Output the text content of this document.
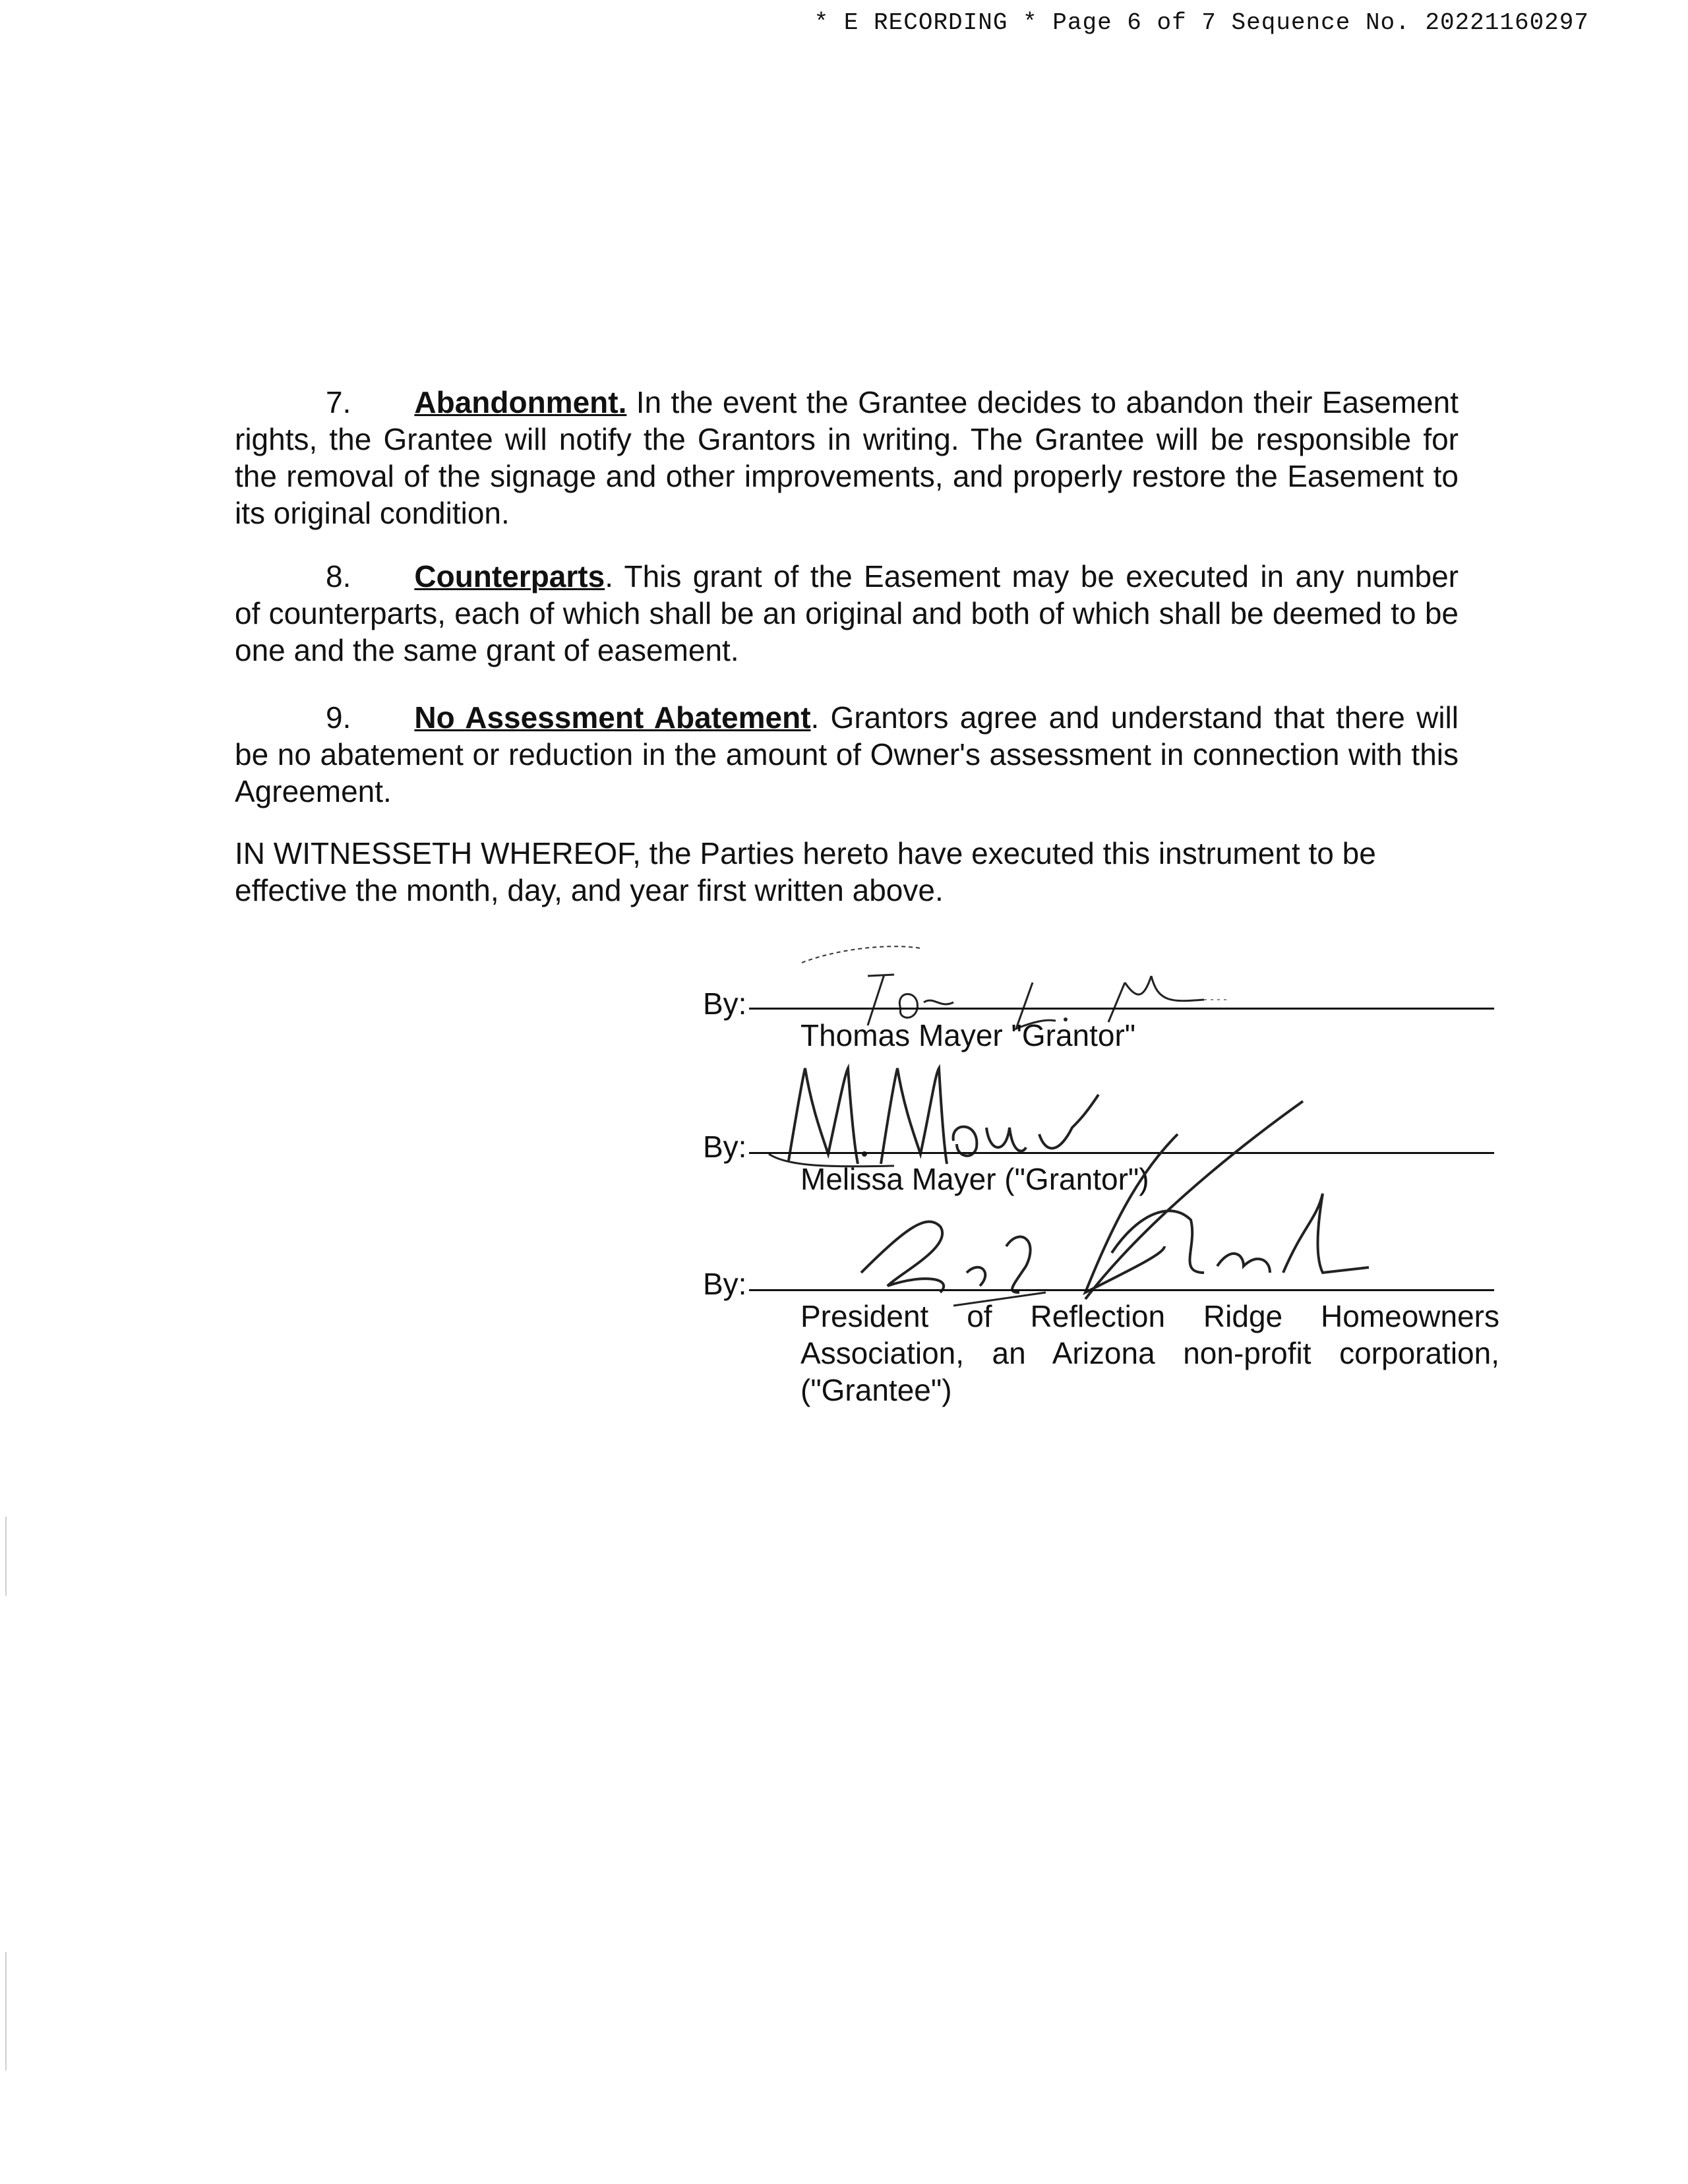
* E RECORDING * Page 6 of 7 Sequence No. 20221160297

7. Abandonment. In the event the Grantee decides to abandon their Easement rights, the Grantee will notify the Grantors in writing. The Grantee will be responsible for the removal of the signage and other improvements, and properly restore the Easement to its original condition.

8. Counterparts. This grant of the Easement may be executed in any number of counterparts, each of which shall be an original and both of which shall be deemed to be one and the same grant of easement.

9. No Assessment Abatement. Grantors agree and understand that there will be no abatement or reduction in the amount of Owner's assessment in connection with this Agreement.

IN WITNESSETH WHEREOF, the Parties hereto have executed this instrument to be effective the month, day, and year first written above.

By:
Thomas Mayer "Grantor"
By:
Melissa Mayer ("Grantor")
By:
President of Reflection Ridge Homeowners Association, an Arizona non-profit corporation, ("Grantee")
